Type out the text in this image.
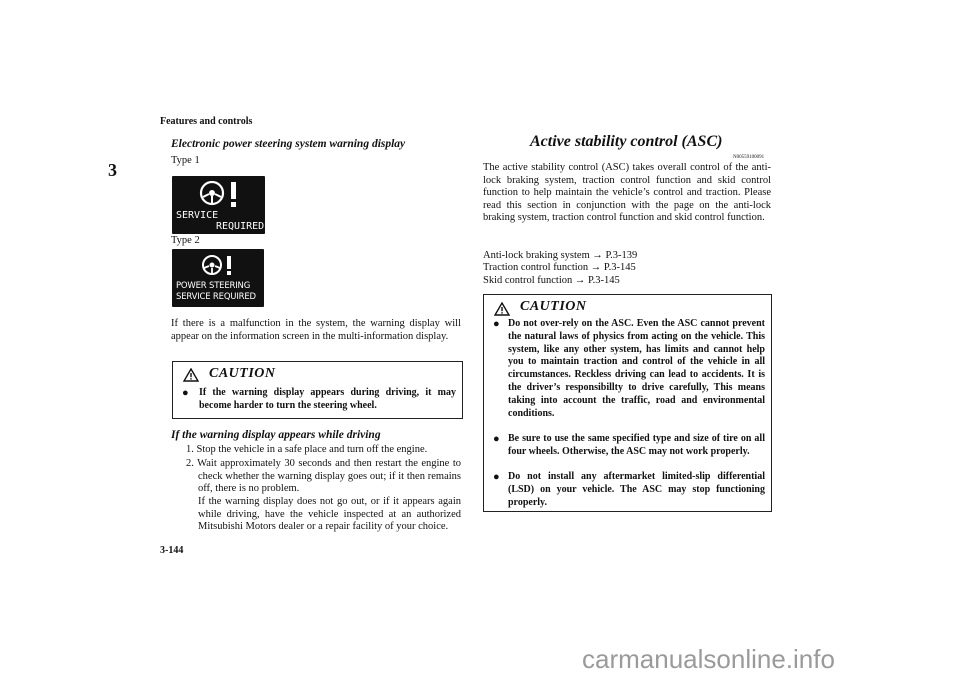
Features and controls
3
3-144
Electronic power steering system warning display
Type 1
SERVICE
REQUIRED
Type 2
POWER STEERING
SERVICE REQUIRED
If there is a malfunction in the system, the warning display will appear on the information screen in the multi-information display.
CAUTION
●	If the warning display appears during driving, it may become harder to turn the steering wheel.
If the warning display appears while driving
1. Stop the vehicle in a safe place and turn off the engine.
2. Wait approximately 30 seconds and then restart the engine to check whether the warning display goes out; if it then remains off, there is no problem.
If the warning display does not go out, or if it appears again while driving, have the vehicle inspected at an authorized Mitsubishi Motors dealer or a repair facility of your choice.
Active stability control (ASC)
N00559100091
The active stability control (ASC) takes overall control of the anti-lock braking system, traction control function and skid control function to help maintain the vehicle’s control and traction. Please read this section in conjunction with the page on the anti-lock braking system, traction control function and skid control function.
Anti-lock braking system → P.3-139
Traction control function → P.3-145
Skid control function → P.3-145
CAUTION
● Do not over-rely on the ASC. Even the ASC cannot prevent the natural laws of physics from acting on the vehicle. This system, like any other system, has limits and cannot help you to maintain traction and control of the vehicle in all circumstances. Reckless driving can lead to accidents. It is the driver’s responsibillty to drive carefully, This means taking into account the traffic, road and environmental conditions.
● Be sure to use the same specified type and size of tire on all four wheels. Otherwise, the ASC may not work properly.
● Do not install any aftermarket limited-slip differential (LSD) on your vehicle. The ASC may stop functioning properly.
carmanualsonline.info
